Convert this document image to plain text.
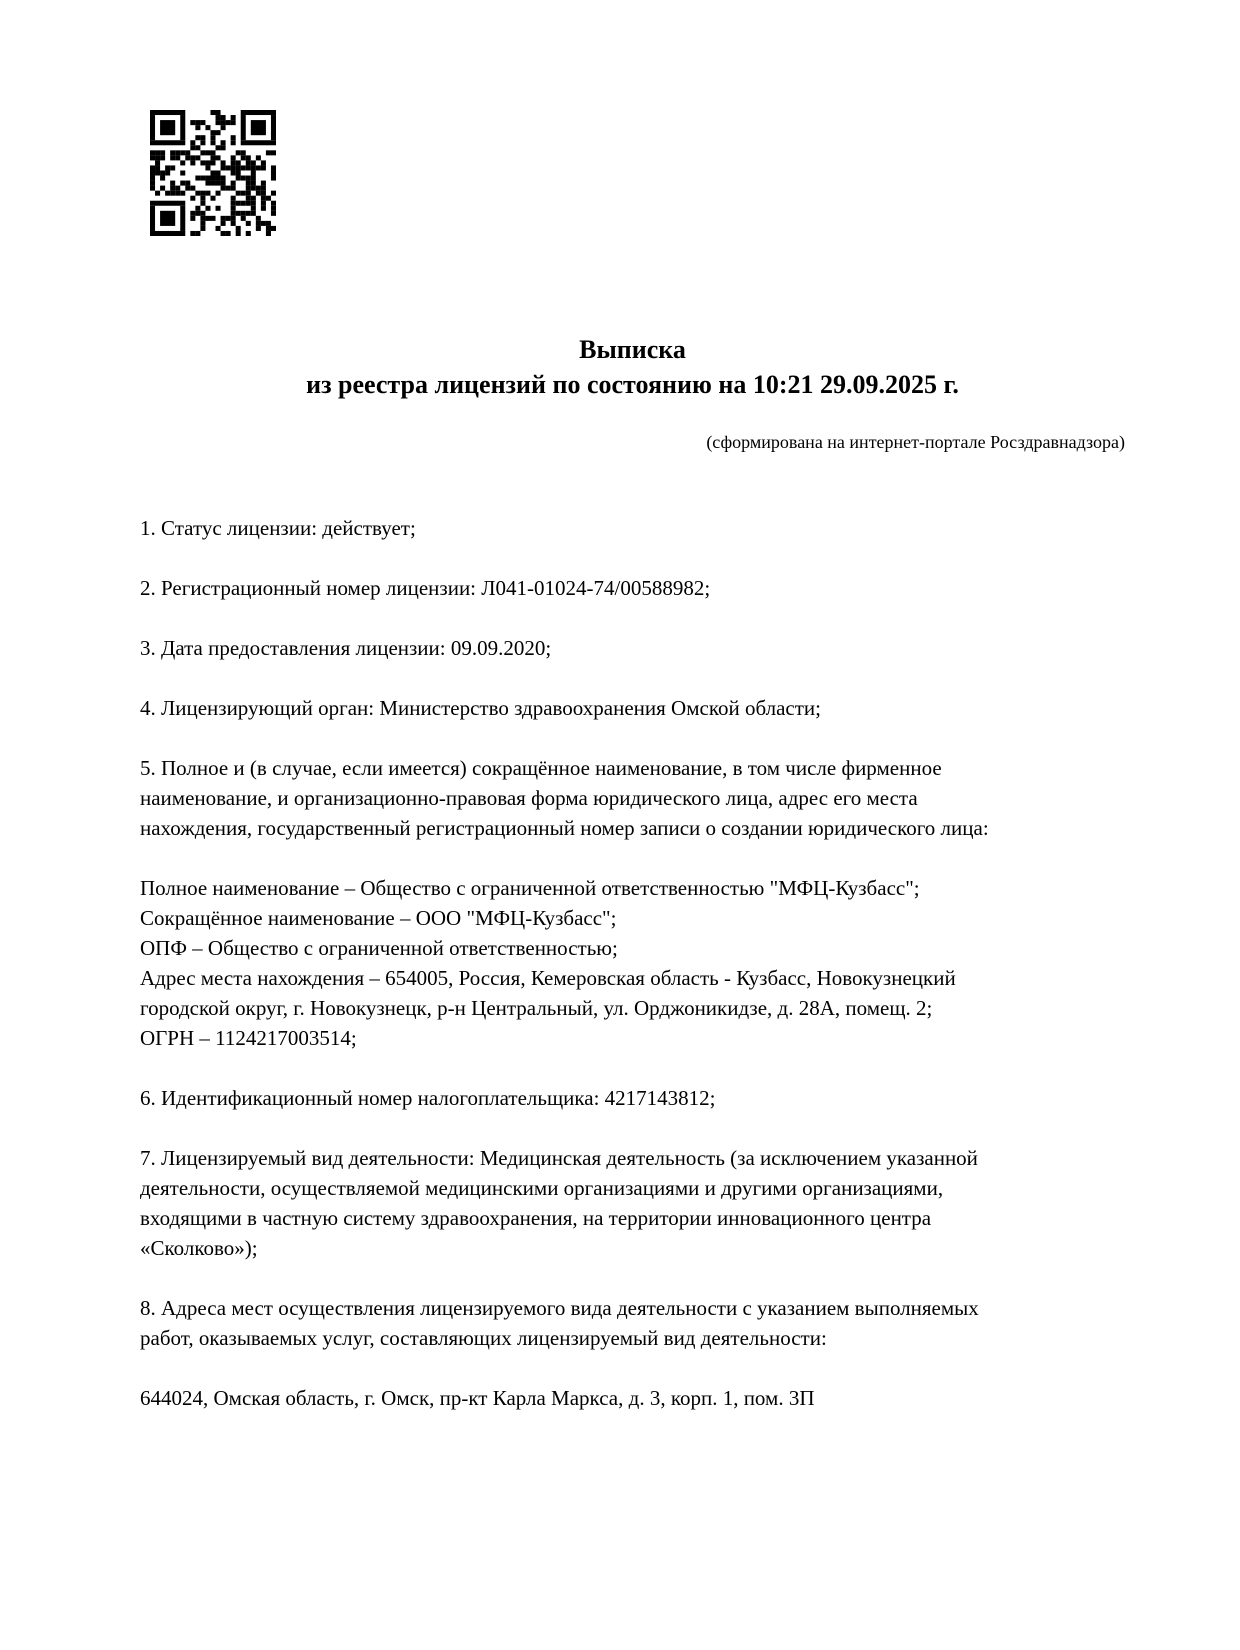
Выписка
из реестра лицензий по состоянию на 10:21 29.09.2025 г.
(сформирована на интернет-портале Росздравнадзора)
1. Статус лицензии: действует;
2. Регистрационный номер лицензии: Л041-01024-74/00588982;
3. Дата предоставления лицензии: 09.09.2020;
4. Лицензирующий орган: Министерство здравоохранения Омской области;
5. Полное и (в случае, если имеется) сокращённое наименование, в том числе фирменное
наименование, и организационно-правовая форма юридического лица, адрес его места
нахождения, государственный регистрационный номер записи о создании юридического лица:
Полное наименование – Общество с ограниченной ответственностью "МФЦ-Кузбасс";
Сокращённое наименование – ООО "МФЦ-Кузбасс";
ОПФ – Общество с ограниченной ответственностью;
Адрес места нахождения – 654005, Россия, Кемеровская область - Кузбасс, Новокузнецкий
городской округ, г. Новокузнецк, р-н Центральный, ул. Орджоникидзе, д. 28А, помещ. 2;
ОГРН – 1124217003514;
6. Идентификационный номер налогоплательщика: 4217143812;
7. Лицензируемый вид деятельности: Медицинская деятельность (за исключением указанной
деятельности, осуществляемой медицинскими организациями и другими организациями,
входящими в частную систему здравоохранения, на территории инновационного центра
«Сколково»);
8. Адреса мест осуществления лицензируемого вида деятельности с указанием выполняемых
работ, оказываемых услуг, составляющих лицензируемый вид деятельности:
644024, Омская область, г. Омск, пр-кт Карла Маркса, д. 3, корп. 1, пом. 3П
